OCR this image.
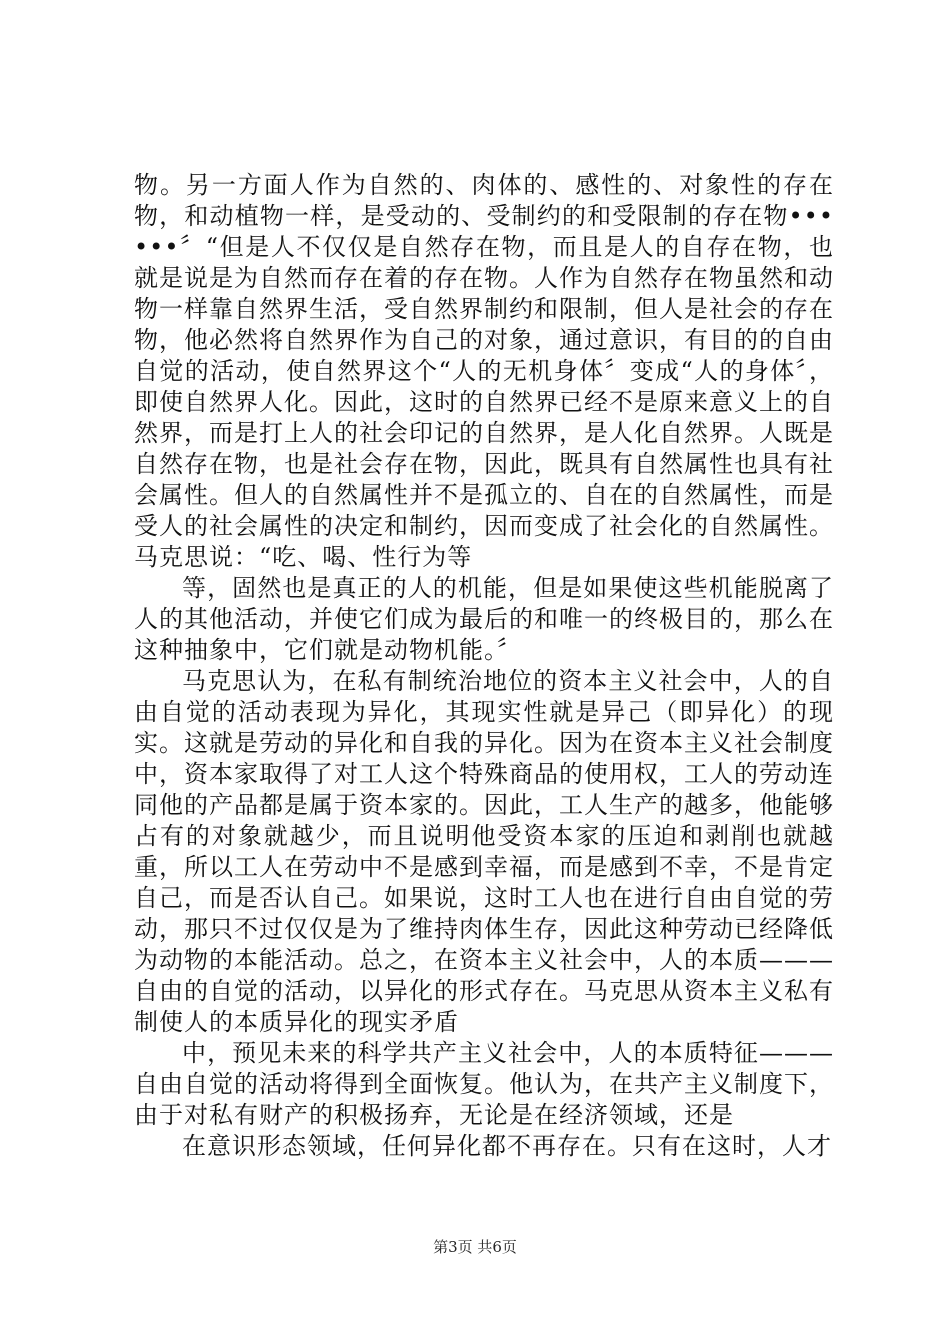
物。另一方面人作为自然的、肉体的、感性的、对象性的存在物，和动植物一样，是受动的、受制约的和受限制的存在物••••••〞“但是人不仅仅是自然存在物，而且是人的自存在物，也就是说是为自然而存在着的存在物。人作为自然存在物虽然和动物一样靠自然界生活，受自然界制约和限制，但人是社会的存在物，他必然将自然界作为自己的对象，通过意识，有目的的自由自觉的活动，使自然界这个“人的无机身体〞变成“人的身体〞，即使自然界人化。因此，这时的自然界已经不是原来意义上的自然界，而是打上人的社会印记的自然界，是人化自然界。人既是自然存在物，也是社会存在物，因此，既具有自然属性也具有社会属性。但人的自然属性并不是孤立的、自在的自然属性，而是受人的社会属性的决定和制约，因而变成了社会化的自然属性。马克思说：“吃、喝、性行为等

等，固然也是真正的人的机能，但是如果使这些机能脱离了人的其他活动，并使它们成为最后的和唯一的终极目的，那么在这种抽象中，它们就是动物机能。〞

马克思认为，在私有制统治地位的资本主义社会中，人的自由自觉的活动表现为异化，其现实性就是异己（即异化）的现实。这就是劳动的异化和自我的异化。因为在资本主义社会制度中，资本家取得了对工人这个特殊商品的使用权，工人的劳动连同他的产品都是属于资本家的。因此，工人生产的越多，他能够占有的对象就越少，而且说明他受资本家的压迫和剥削也就越重，所以工人在劳动中不是感到幸福，而是感到不幸，不是肯定自己，而是否认自己。如果说，这时工人也在进行自由自觉的劳动，那只不过仅仅是为了维持肉体生存，因此这种劳动已经降低为动物的本能活动。总之，在资本主义社会中，人的本质———自由的自觉的活动，以异化的形式存在。马克思从资本主义私有制使人的本质异化的现实矛盾

中，预见未来的科学共产主义社会中，人的本质特征———自由自觉的活动将得到全面恢复。他认为，在共产主义制度下，由于对私有财产的积极扬弃，无论是在经济领域，还是

在意识形态领域，任何异化都不再存在。只有在这时，人才

第3页 共6页
